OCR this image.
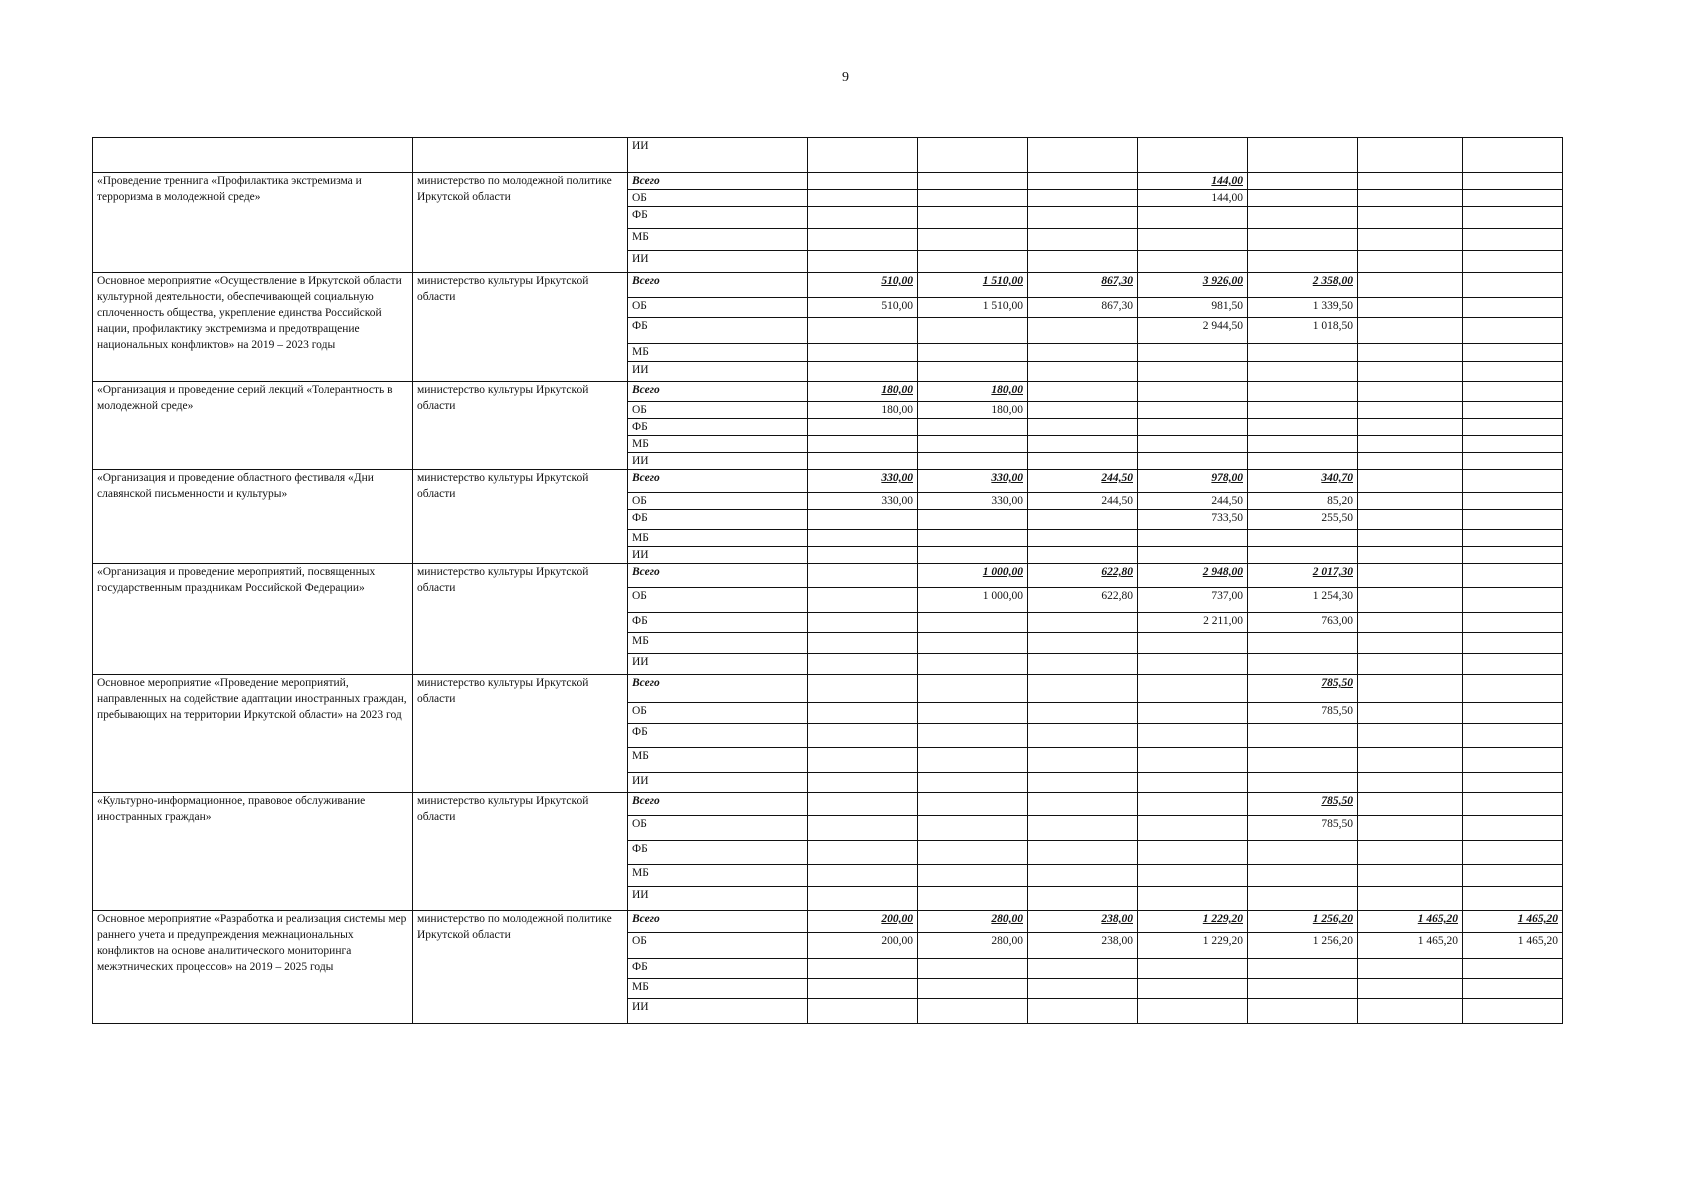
9
		ИИ							
«Проведение треннига «Профилактика экстремизма и терроризма в молодежной среде»	министерство по молодежной политике Иркутской области	Всего				144,00			
		ОБ				144,00			
		ФБ							
		МБ							
		ИИ							
Основное мероприятие «Осуществление в Иркутской области культурной деятельности, обеспечивающей социальную сплоченность общества, укрепление единства Российской нации, профилактику экстремизма и предотвращение национальных конфликтов» на 2019 – 2023 годы	министерство культуры Иркутской области	Всего	510,00	1 510,00	867,30	3 926,00	2 358,00		
		ОБ	510,00	1 510,00	867,30	981,50	1 339,50		
		ФБ				2 944,50	1 018,50		
		МБ							
		ИИ							
«Организация и проведение серий лекций «Толерантность в молодежной среде»	министерство культуры Иркутской области	Всего	180,00	180,00					
		ОБ	180,00	180,00					
		ФБ							
		МБ							
		ИИ							
«Организация и проведение областного фестиваля «Дни славянской письменности и культуры»	министерство культуры Иркутской области	Всего	330,00	330,00	244,50	978,00	340,70		
		ОБ	330,00	330,00	244,50	244,50	85,20		
		ФБ				733,50	255,50		
		МБ							
		ИИ							
«Организация и проведение мероприятий, посвященных государственным праздникам Российской Федерации»	министерство культуры Иркутской области	Всего		1 000,00	622,80	2 948,00	2 017,30		
		ОБ		1 000,00	622,80	737,00	1 254,30		
		ФБ				2 211,00	763,00		
		МБ							
		ИИ							
Основное мероприятие «Проведение мероприятий, направленных на содействие адаптации иностранных граждан, пребывающих на территории Иркутской области» на 2023 год	министерство культуры Иркутской области	Всего					785,50		
		ОБ					785,50		
		ФБ							
		МБ							
		ИИ							
«Культурно-информационное, правовое обслуживание иностранных граждан»	министерство культуры Иркутской области	Всего					785,50		
		ОБ					785,50		
		ФБ							
		МБ							
		ИИ							
Основное мероприятие «Разработка и реализация системы мер раннего учета и предупреждения межнациональных конфликтов на основе аналитического мониторинга межэтнических процессов» на 2019 – 2025 годы	министерство по молодежной политике Иркутской области	Всего	200,00	280,00	238,00	1 229,20	1 256,20	1 465,20	1 465,20
		ОБ	200,00	280,00	238,00	1 229,20	1 256,20	1 465,20	1 465,20
		ФБ							
		МБ							
		ИИ							
